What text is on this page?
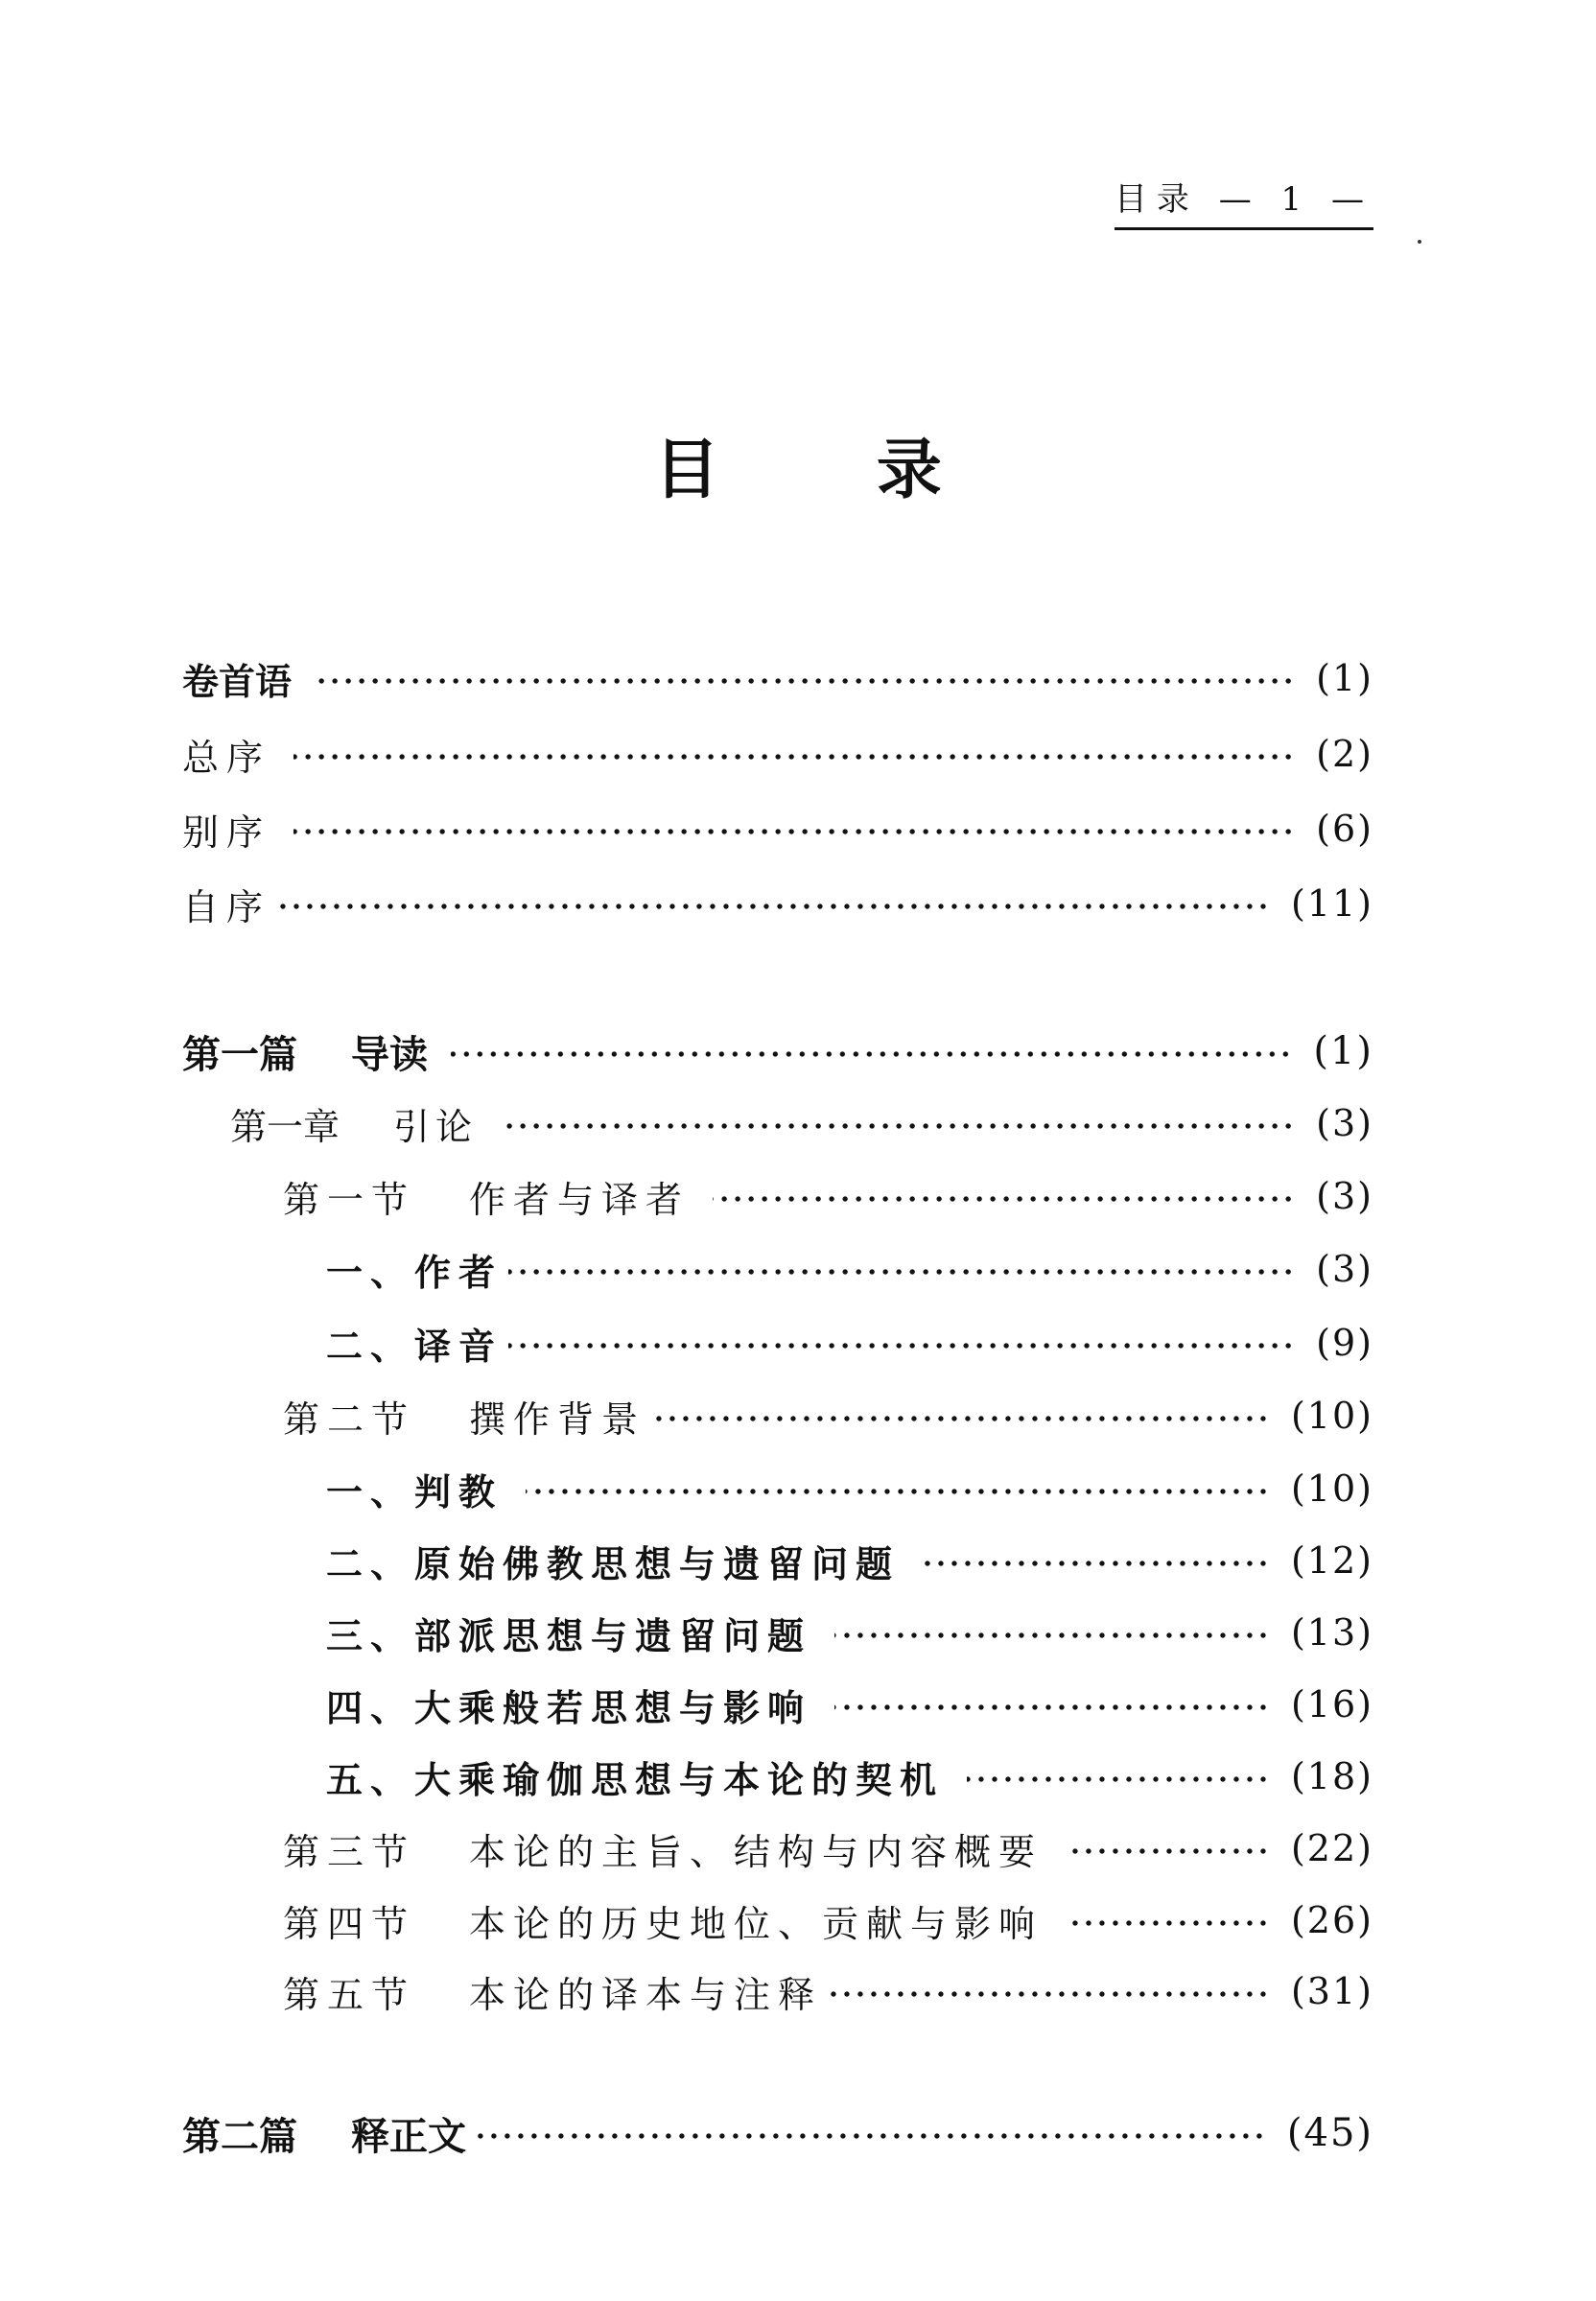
目录 — 1 —
目 录
卷首语	(1)
总序	(2)
别序	(6)
自序	(11)
第一篇 导读	(1)
第一章 引论	(3)
第一节 作者与译者	(3)
一、作者	(3)
二、译音	(9)
第二节 撰作背景	(10)
一、判教	(10)
二、原始佛教思想与遗留问题	(12)
三、部派思想与遗留问题	(13)
四、大乘般若思想与影响	(16)
五、大乘瑜伽思想与本论的契机	(18)
第三节 本论的主旨、结构与内容概要	(22)
第四节 本论的历史地位、贡献与影响	(26)
第五节 本论的译本与注释	(31)
第二篇 释正文	(45)
